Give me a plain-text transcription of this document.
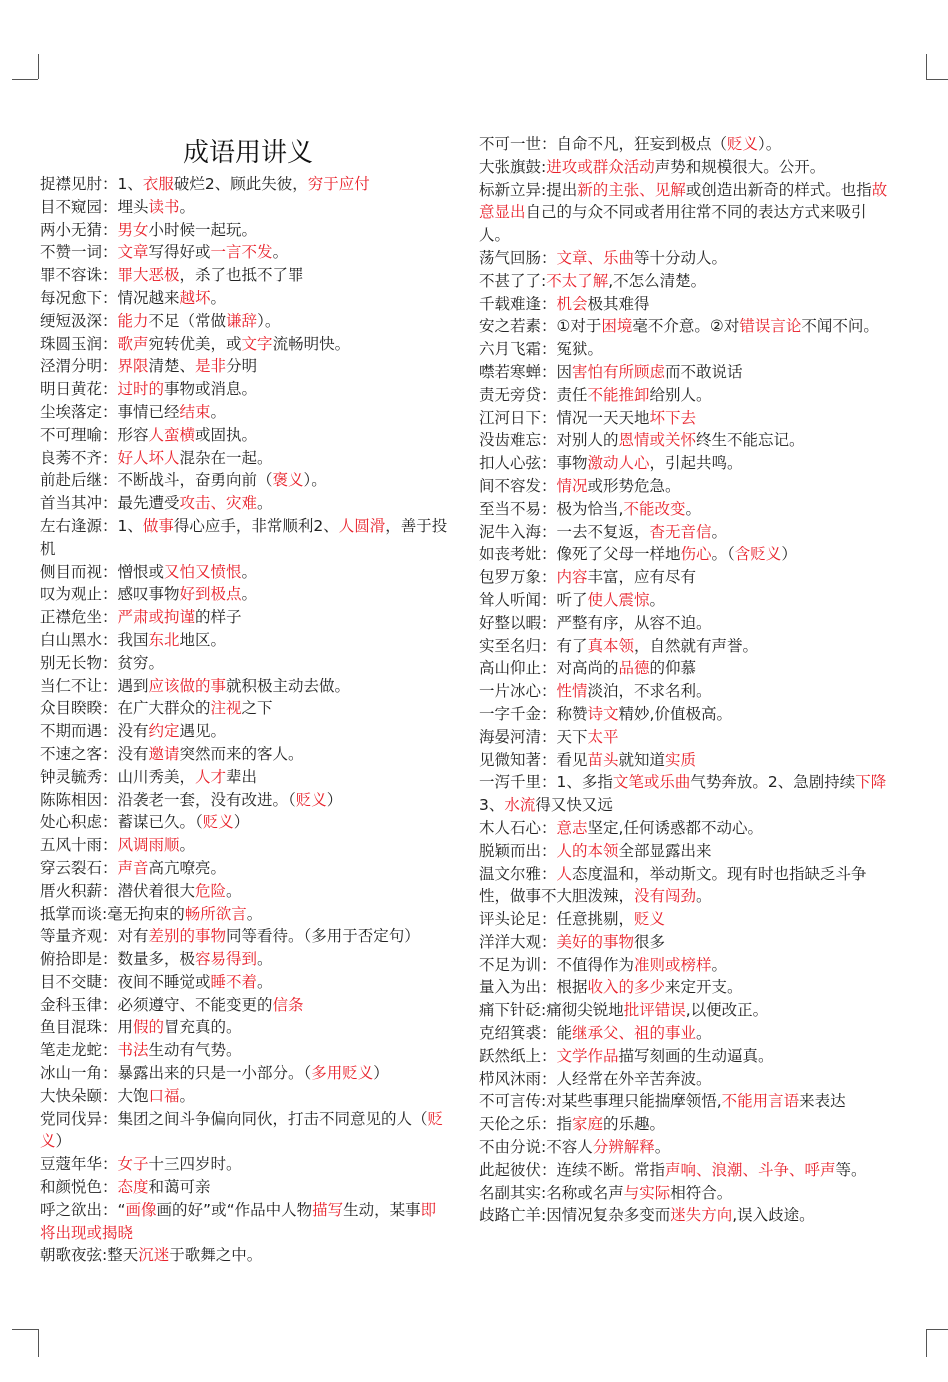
成语用讲义
捉襟见肘：1、衣服破烂2、顾此失彼，穷于应付
目不窥园：埋头读书。
两小无猜：男女小时候一起玩。
不赞一词：文章写得好或一言不发。
罪不容诛：罪大恶极，杀了也抵不了罪
每况愈下：情况越来越坏。
绠短汲深：能力不足（常做谦辞）。
珠圆玉润：歌声宛转优美，或文字流畅明快。
泾渭分明：界限清楚、是非分明
明日黄花：过时的事物或消息。
尘埃落定：事情已经结束。
不可理喻：形容人蛮横或固执。
良莠不齐：好人坏人混杂在一起。
前赴后继：不断战斗，奋勇向前（褒义）。
首当其冲：最先遭受攻击、灾难。
左右逢源：1、做事得心应手，非常顺利2、人圆滑，善于投机
侧目而视：憎恨或又怕又愤恨。
叹为观止：感叹事物好到极点。
正襟危坐：严肃或拘谨的样子
白山黑水：我国东北地区。
别无长物：贫穷。
当仁不让：遇到应该做的事就积极主动去做。
众目睽睽：在广大群众的注视之下
不期而遇：没有约定遇见。
不速之客：没有邀请突然而来的客人。
钟灵毓秀：山川秀美，人才辈出
陈陈相因：沿袭老一套，没有改进。（贬义）
处心积虑：蓄谋已久。（贬义）
五风十雨：风调雨顺。
穿云裂石：声音高亢嘹亮。
厝火积薪：潜伏着很大危险。
抵掌而谈:毫无拘束的畅所欲言。
等量齐观：对有差别的事物同等看待。（多用于否定句）
俯拾即是：数量多，极容易得到。
目不交睫：夜间不睡觉或睡不着。
金科玉律：必须遵守、不能变更的信条
鱼目混珠：用假的冒充真的。
笔走龙蛇：书法生动有气势。
冰山一角：暴露出来的只是一小部分。（多用贬义）
大快朵颐：大饱口福。
党同伐异：集团之间斗争偏向同伙，打击不同意见的人（贬义）
豆蔻年华：女子十三四岁时。
和颜悦色：态度和蔼可亲
呼之欲出：“画像画的好”或“作品中人物描写生动，某事即将出现或揭晓
朝歌夜弦:整天沉迷于歌舞之中。
不可一世：自命不凡，狂妄到极点（贬义）。
大张旗鼓:进攻或群众活动声势和规模很大。公开。
标新立异:提出新的主张、见解或创造出新奇的样式。也指故意显出自己的与众不同或者用往常不同的表达方式来吸引人。
荡气回肠：文章、乐曲等十分动人。
不甚了了:不太了解,不怎么清楚。
千载难逢：机会极其难得
安之若素：①对于困境毫不介意。②对错误言论不闻不问。
六月飞霜：冤狱。
噤若寒蝉：因害怕有所顾虑而不敢说话
责无旁贷：责任不能推卸给别人。
江河日下：情况一天天地坏下去
没齿难忘：对别人的恩情或关怀终生不能忘记。
扣人心弦：事物激动人心，引起共鸣。
间不容发：情况或形势危急。
至当不易：极为恰当,不能改变。
泥牛入海：一去不复返，杳无音信。
如丧考妣：像死了父母一样地伤心。（含贬义）
包罗万象：内容丰富，应有尽有
耸人听闻：听了使人震惊。
好整以暇：严整有序，从容不迫。
实至名归：有了真本领，自然就有声誉。
高山仰止：对高尚的品德的仰慕
一片冰心：性情淡泊，不求名利。
一字千金：称赞诗文精妙,价值极高。
海晏河清：天下太平
见微知著：看见苗头就知道实质
一泻千里：1、多指文笔或乐曲气势奔放。2、急剧持续下降3、水流得又快又远
木人石心：意志坚定,任何诱惑都不动心。
脱颖而出：人的本领全部显露出来
温文尔雅：人态度温和，举动斯文。现有时也指缺乏斗争性，做事不大胆泼辣，没有闯劲。
评头论足：任意挑剔，贬义
洋洋大观：美好的事物很多
不足为训：不值得作为准则或榜样。
量入为出：根据收入的多少来定开支。
痛下针砭:痛彻尖锐地批评错误,以便改正。
克绍箕裘：能继承父、祖的事业。
跃然纸上：文学作品描写刻画的生动逼真。
栉风沐雨：人经常在外辛苦奔波。
不可言传:对某些事理只能揣摩领悟,不能用言语来表达
天伦之乐：指家庭的乐趣。
不由分说:不容人分辨解释。
此起彼伏：连续不断。常指声响、浪潮、斗争、呼声等。
名副其实:名称或名声与实际相符合。
歧路亡羊:因情况复杂多变而迷失方向,误入歧途。
